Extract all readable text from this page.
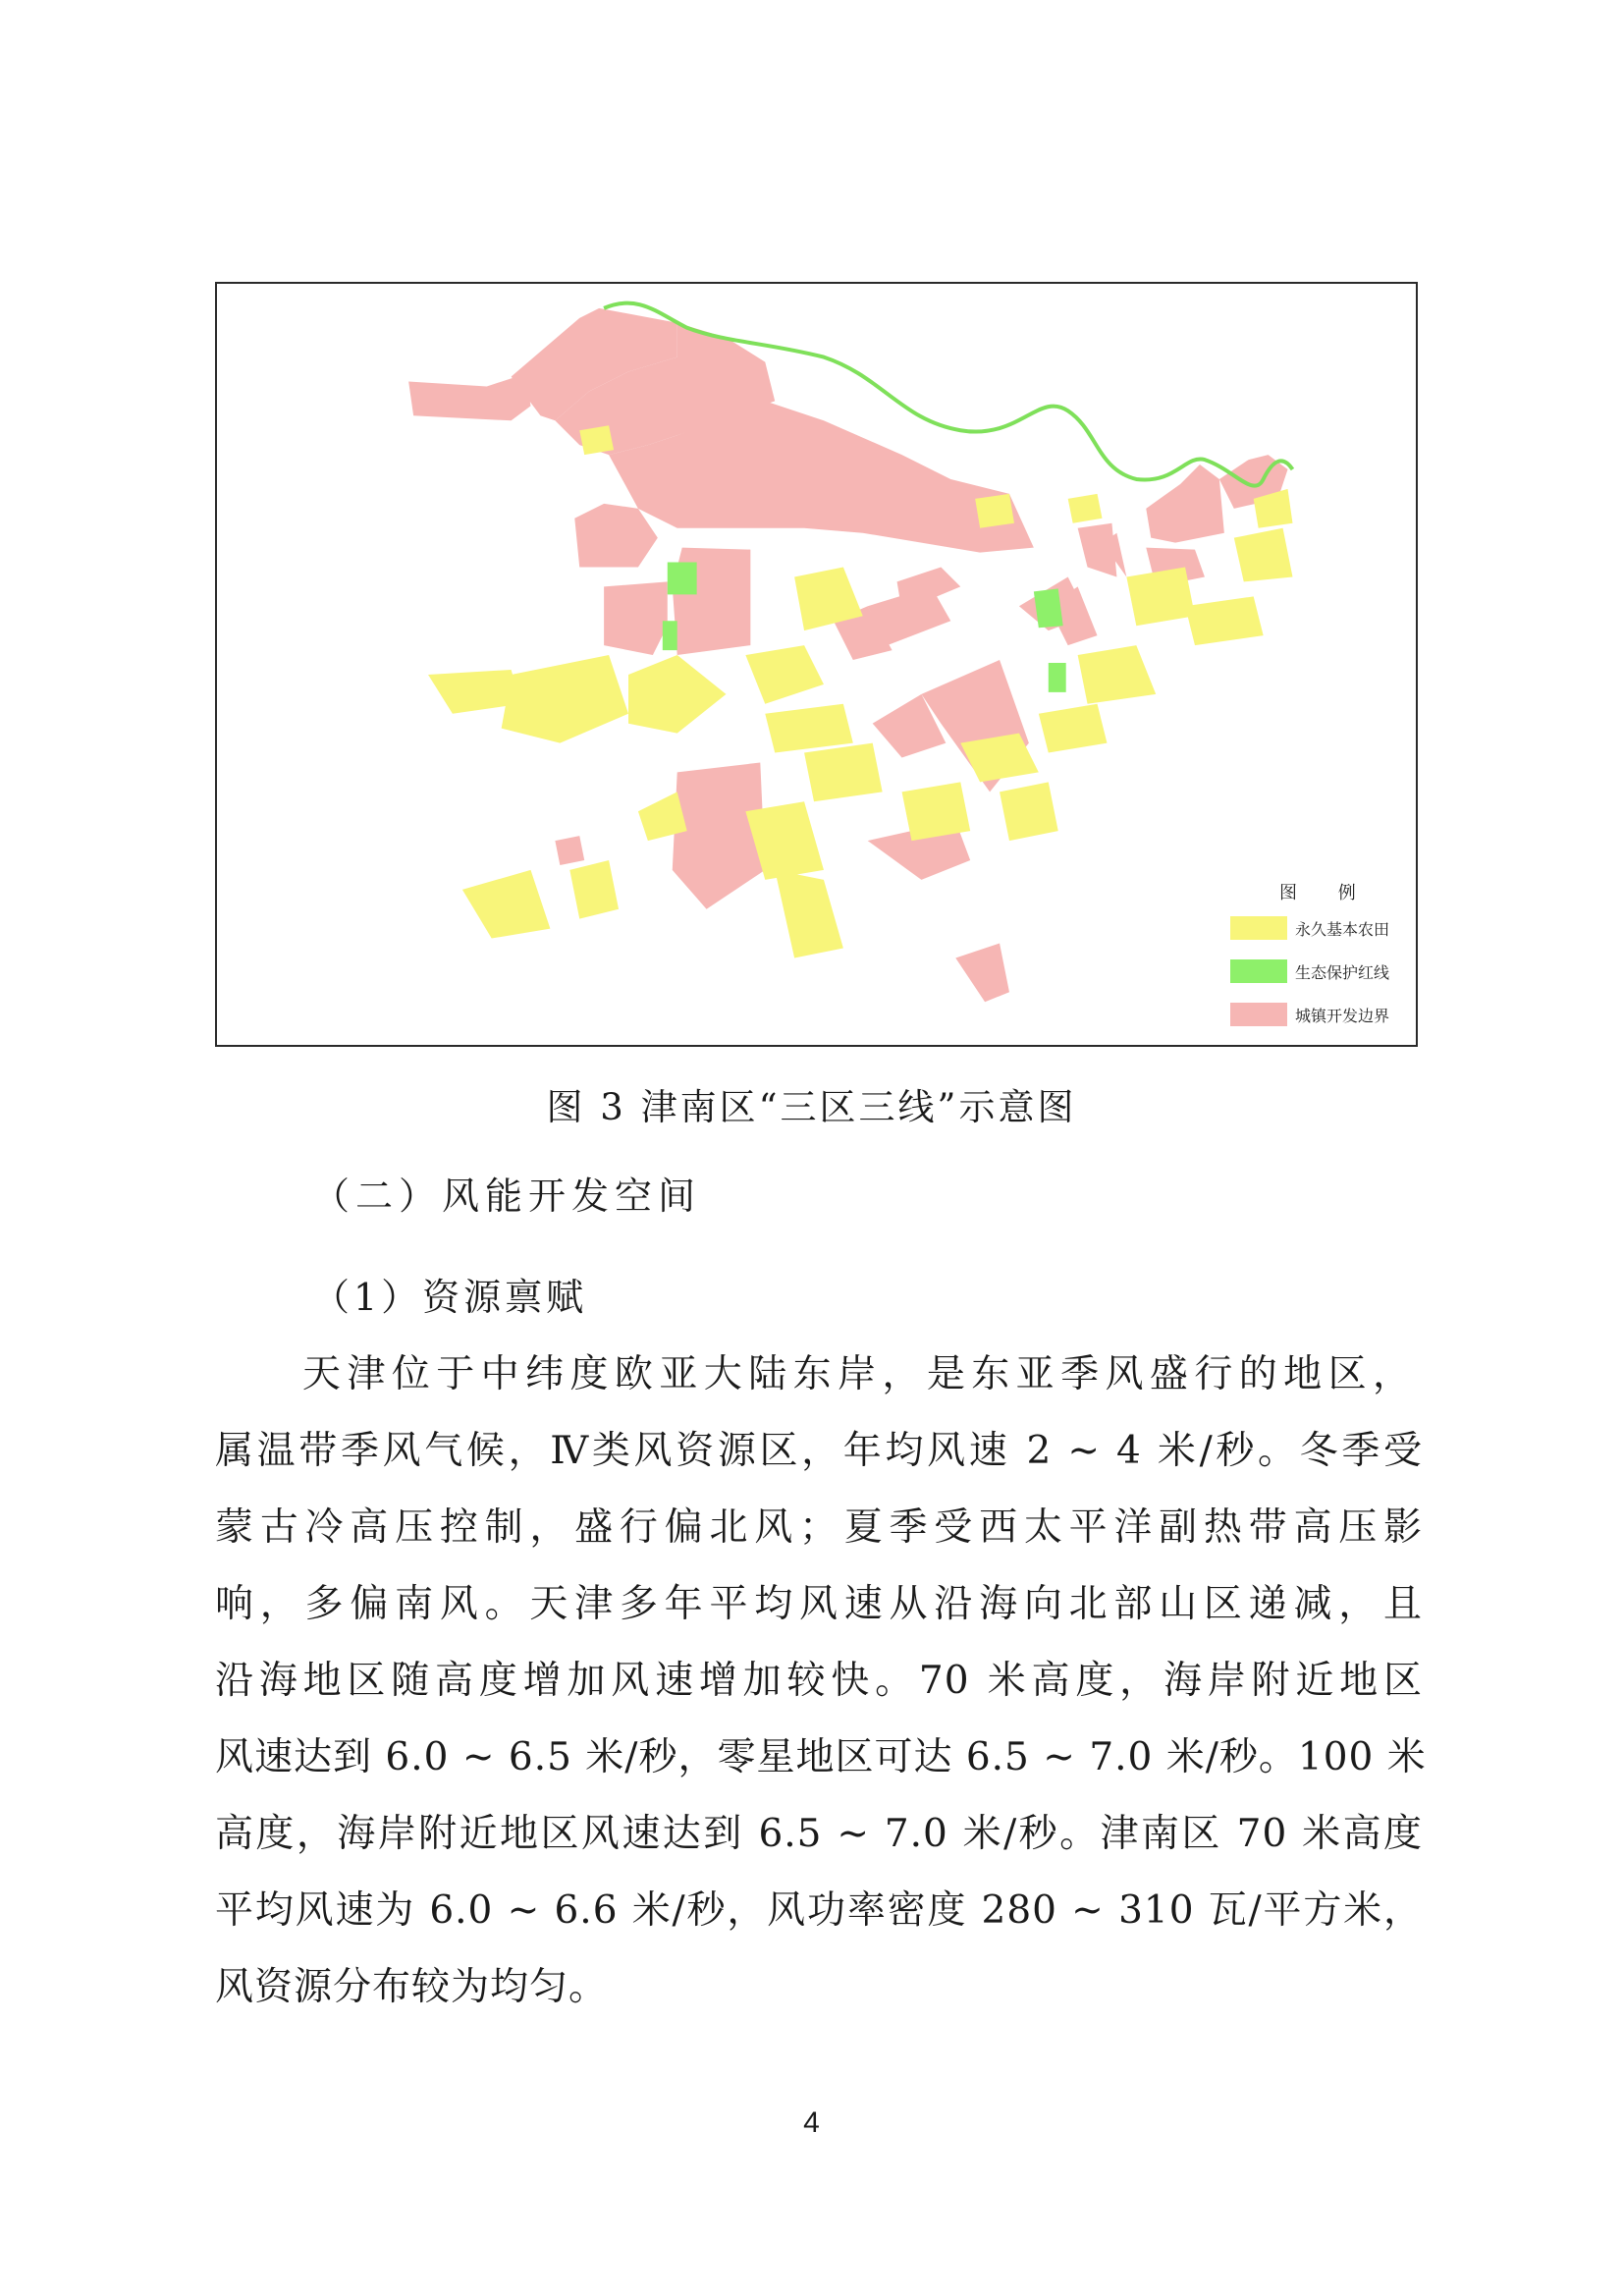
图 例
永久基本农田
生态保护红线
城镇开发边界
图 3 津南区“三区三线”示意图
（二）风能开发空间
（1）资源禀赋
天津位于中纬度欧亚大陆东岸，是东亚季风盛行的地区，
属温带季风气候，Ⅳ类风资源区，年均风速 2 ~ 4 米/秒。冬季受
蒙古冷高压控制，盛行偏北风；夏季受西太平洋副热带高压影
响，多偏南风。天津多年平均风速从沿海向北部山区递减，且
沿海地区随高度增加风速增加较快。70 米高度，海岸附近地区
风速达到 6.0 ~ 6.5 米/秒，零星地区可达 6.5 ~ 7.0 米/秒。100 米
高度，海岸附近地区风速达到 6.5 ~ 7.0 米/秒。津南区 70 米高度
平均风速为 6.0 ~ 6.6 米/秒，风功率密度 280 ~ 310 瓦/平方米，
风资源分布较为均匀。
4
